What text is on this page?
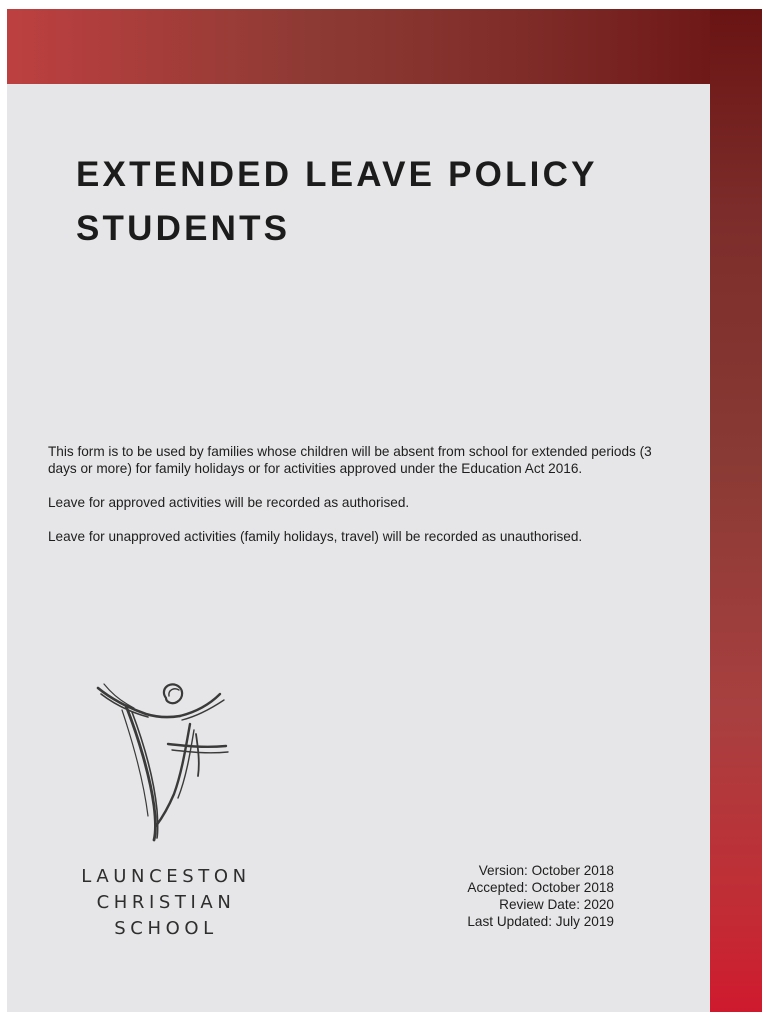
EXTENDED LEAVE POLICY
STUDENTS

This form is to be used by families whose children will be absent from school for extended periods (3 days or more) for family holidays or for activities approved under the Education Act 2016.

Leave for approved activities will be recorded as authorised.

Leave for unapproved activities (family holidays, travel) will be recorded as unauthorised.

LAUNCESTON
CHRISTIAN
SCHOOL
Version: October 2018
Accepted: October 2018
Review Date: 2020
Last Updated: July 2019
